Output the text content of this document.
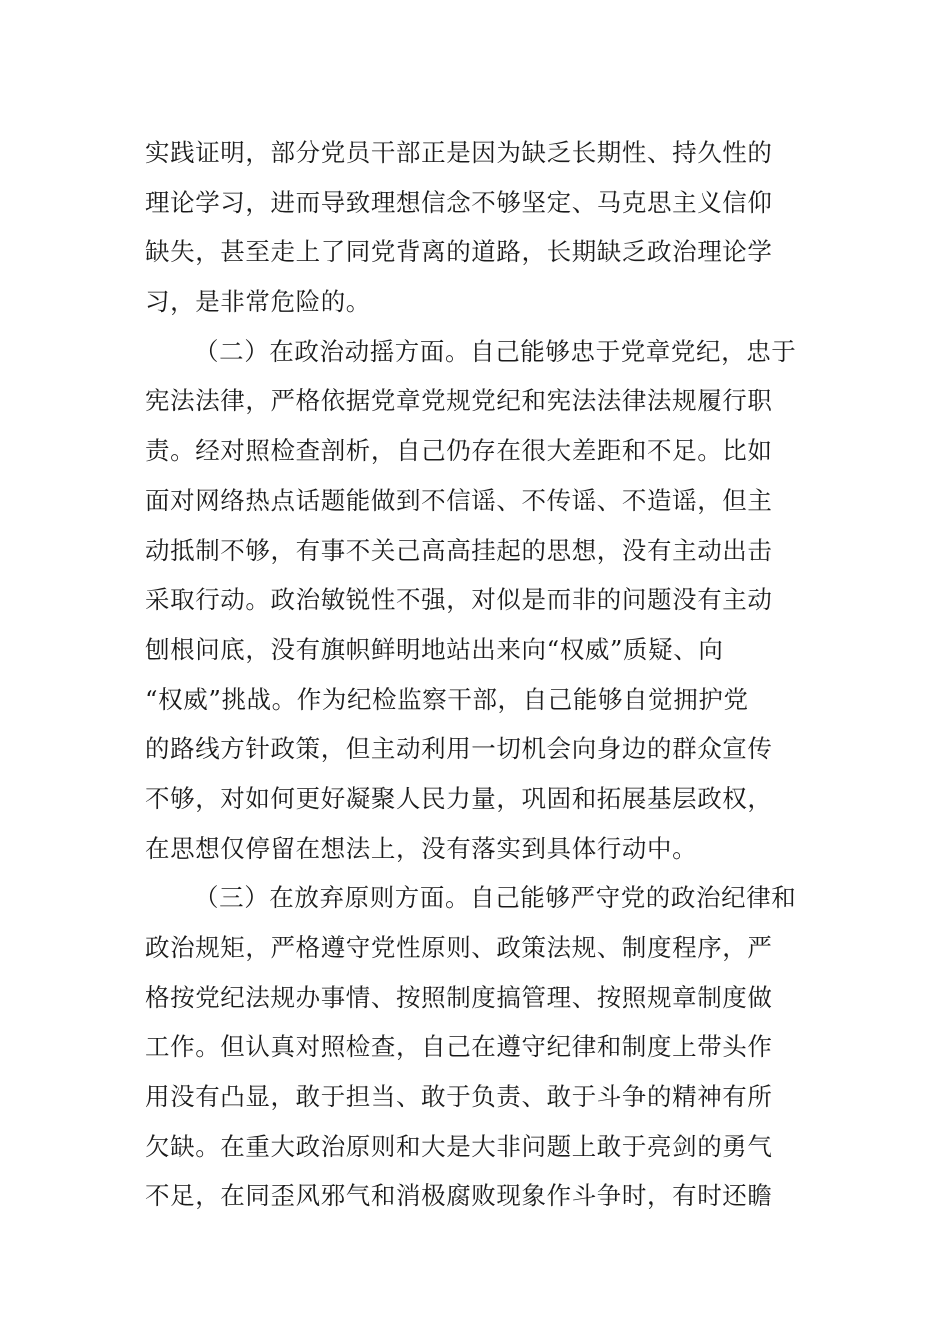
实践证明，部分党员干部正是因为缺乏长期性、持久性的
理论学习，进而导致理想信念不够坚定、马克思主义信仰
缺失，甚至走上了同党背离的道路，长期缺乏政治理论学
习，是非常危险的。
（二）在政治动摇方面。自己能够忠于党章党纪，忠于
宪法法律，严格依据党章党规党纪和宪法法律法规履行职
责。经对照检查剖析，自己仍存在很大差距和不足。比如
面对网络热点话题能做到不信谣、不传谣、不造谣，但主
动抵制不够，有事不关己高高挂起的思想，没有主动出击
采取行动。政治敏锐性不强，对似是而非的问题没有主动
刨根问底，没有旗帜鲜明地站出来向“权威”质疑、向
“权威”挑战。作为纪检监察干部，自己能够自觉拥护党
的路线方针政策，但主动利用一切机会向身边的群众宣传
不够，对如何更好凝聚人民力量，巩固和拓展基层政权，
在思想仅停留在想法上，没有落实到具体行动中。
（三）在放弃原则方面。自己能够严守党的政治纪律和
政治规矩，严格遵守党性原则、政策法规、制度程序，严
格按党纪法规办事情、按照制度搞管理、按照规章制度做
工作。但认真对照检查，自己在遵守纪律和制度上带头作
用没有凸显，敢于担当、敢于负责、敢于斗争的精神有所
欠缺。在重大政治原则和大是大非问题上敢于亮剑的勇气
不足，在同歪风邪气和消极腐败现象作斗争时，有时还瞻
